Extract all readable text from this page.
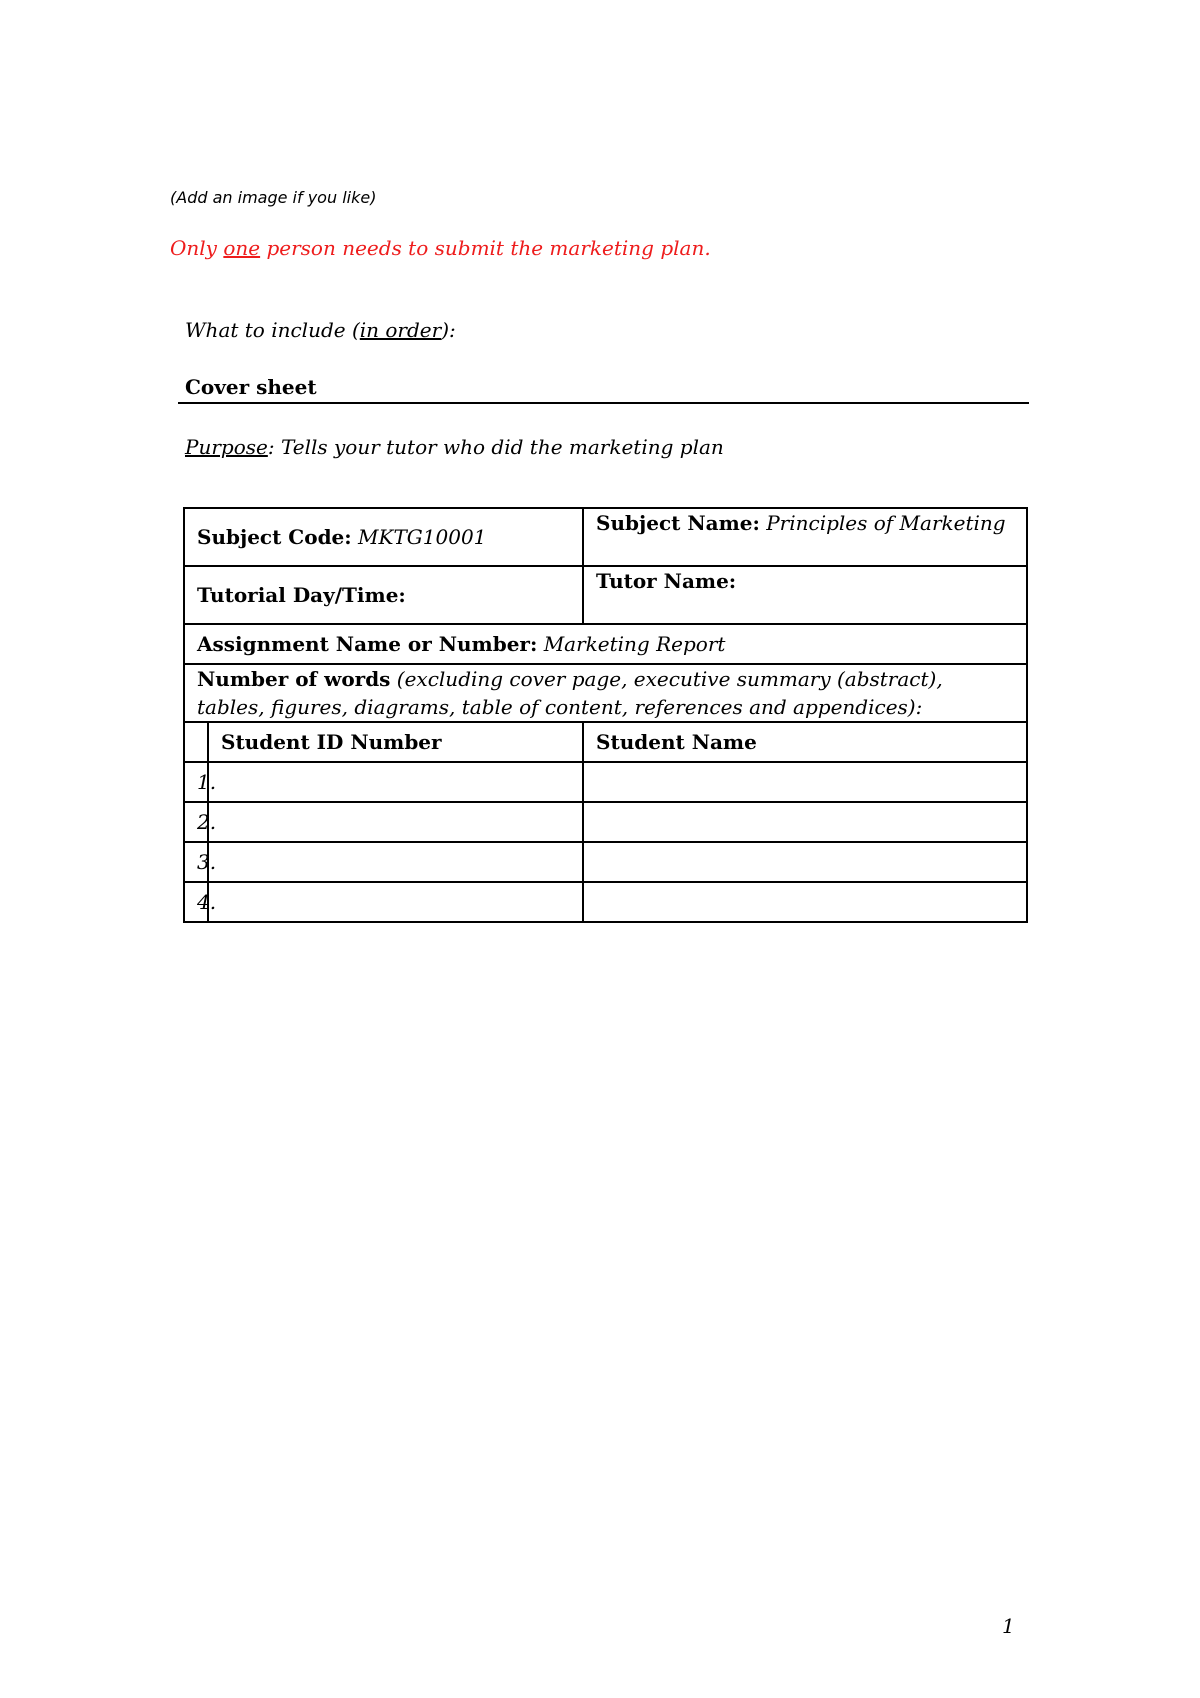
(Add an image if you like)
Only one person needs to submit the marketing plan.
What to include (in order):
Cover sheet
Purpose: Tells your tutor who did the marketing plan
Subject Code: MKTG10001		Subject Name: Principles of Marketing
Tutorial Day/Time:		Tutor Name:
Assignment Name or Number: Marketing Report		
Number of words (excluding cover page, executive summary (abstract), tables, figures, diagrams, table of content, references and appendices):		
	Student ID Number	Student Name
1.		
2.		
3.		
4.		
1
